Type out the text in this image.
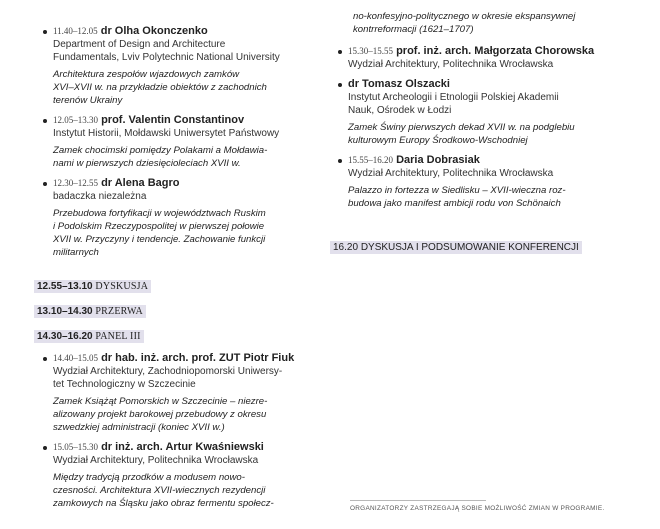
11.40–12.05 dr Olha Okonczenko
Department of Design and Architecture
Fundamentals, Lviv Polytechnic National University
Architektura zespołów wjazdowych zamków
XVI–XVII w. na przykładzie obiektów z zachodnich
terenów Ukrainy
12.05–13.30 prof. Valentin Constantinov
Instytut Historii, Mołdawski Uniwersytet Państwowy
Zamek chocimski pomiędzy Polakami a Mołdawia-
nami w pierwszych dziesięcioleciach XVII w.
12.30–12.55 dr Alena Bagro
badaczka niezależna
Przebudowa fortyfikacji w województwach Ruskim
i Podolskim Rzeczypospolitej w pierwszej połowie
XVII w. Przyczyny i tendencje. Zachowanie funkcji
militarnych
12.55–13.10 DYSKUSJA
13.10–14.30 PRZERWA
14.30–16.20 PANEL III
14.40–15.05 dr hab. inż. arch. prof. ZUT Piotr Fiuk
Wydział Architektury, Zachodniopomorski Uniwersy-
tet Technologiczny w Szczecinie
Zamek Książąt Pomorskich w Szczecinie – niezre-
alizowany projekt barokowej przebudowy z okresu
szwedzkiej administracji (koniec XVII w.)
15.05–15.30 dr inż. arch. Artur Kwaśniewski
Wydział Architektury, Politechnika Wrocławska
Między tradycją przodków a modusem nowo-
czesności. Architektura XVII-wiecznych rezydencji
zamkowych na Śląsku jako obraz fermentu społecz-
no-konfesyjno-politycznego w okresie ekspansywnej
kontrreformacji (1621–1707)
15.30–15.55 prof. inż. arch. Małgorzata Chorowska
Wydział Architektury, Politechnika Wrocławska
dr Tomasz Olszacki
Instytut Archeologii i Etnologii Polskiej Akademii
Nauk, Ośrodek w Łodzi
Zamek Świny pierwszych dekad XVII w. na podglebiu
kulturowym Europy Środkowo-Wschodniej
15.55–16.20 Daria Dobrasiak
Wydział Architektury, Politechnika Wrocławska
Palazzo in fortezza w Siedlisku – XVII-wieczna roz-
budowa jako manifest ambicji rodu von Schönaich
16.20 DYSKUSJA I PODSUMOWANIE KONFERENCJI
ORGANIZATORZY ZASTRZEGAJĄ SOBIE MOŻLIWOŚĆ ZMIAN W PROGRAMIE.
